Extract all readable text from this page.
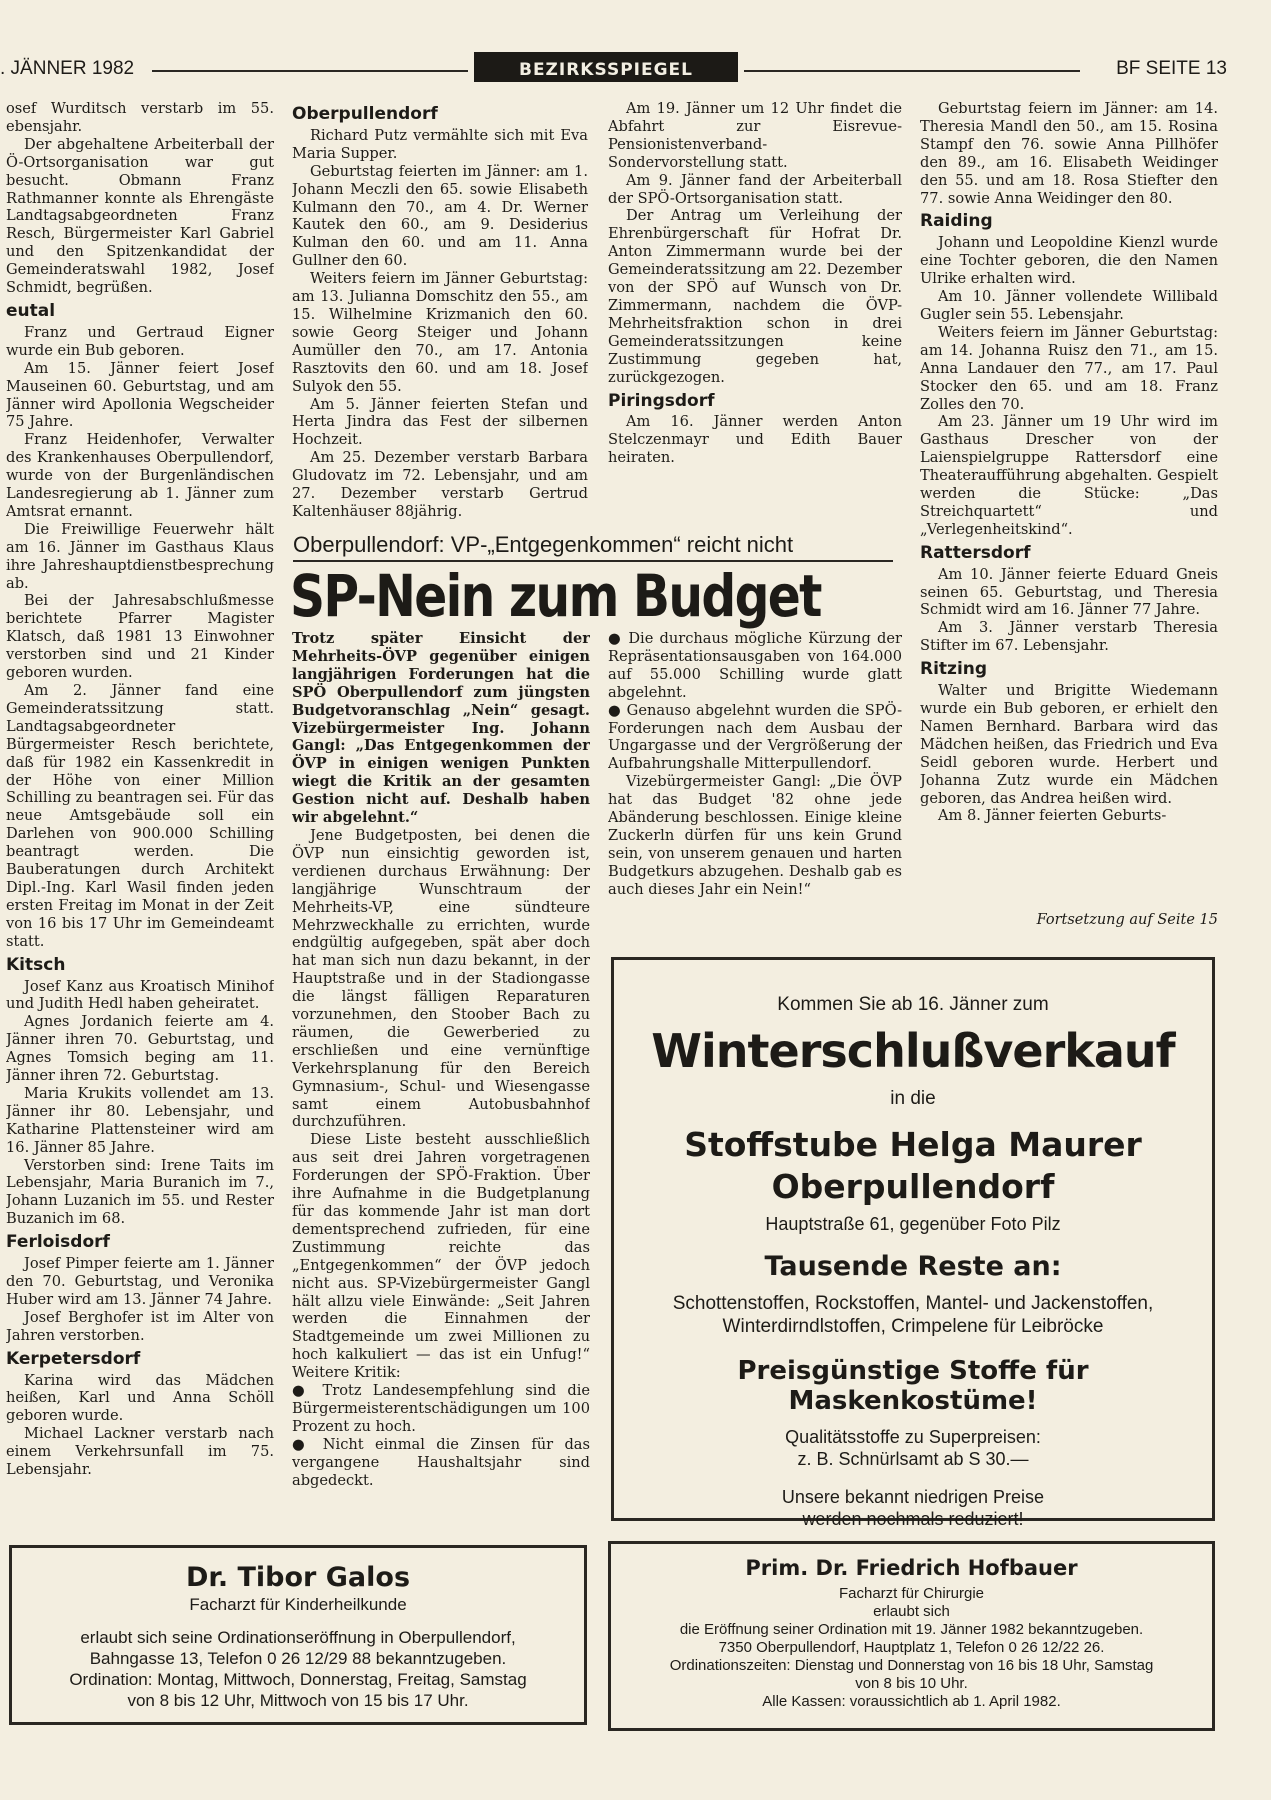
. JÄNNER 1982	BEZIRKSSPIEGEL	BF SEITE 13

osef Wurditsch verstarb im 55. ebensjahr.

Der abgehaltene Arbeiterball der Ö-Ortsorganisation war gut besucht. Obmann Franz Rathmanner konnte als Ehrengäste Landtagsabgeordneten Franz Resch, Bürgermeister Karl Gabriel und den Spitzenkandidat der Gemeinderatswahl 1982, Josef Schmidt, begrüßen.

eutal

Franz und Gertraud Eigner wurde ein Bub geboren.

Am 15. Jänner feiert Josef Mauseinen 60. Geburtstag, und am Jänner wird Apollonia Wegscheider 75 Jahre.

Franz Heidenhofer, Verwalter des Krankenhauses Oberpullendorf, wurde von der Burgenländischen Landesregierung ab 1. Jänner zum Amtsrat ernannt.

Die Freiwillige Feuerwehr hält am 16. Jänner im Gasthaus Klaus ihre Jahreshauptdienstbesprechung ab.

Bei der Jahresabschlußmesse berichtete Pfarrer Magister Klatsch, daß 1981 13 Einwohner verstorben sind und 21 Kinder geboren wurden.

Am 2. Jänner fand eine Gemeinderatssitzung statt. Landtagsabgeordneter Bürgermeister Resch berichtete, daß für 1982 ein Kassenkredit in der Höhe von einer Million Schilling zu beantragen sei. Für das neue Amtsgebäude soll ein Darlehen von 900.000 Schilling beantragt werden. Die Bauberatungen durch Architekt Dipl.-Ing. Karl Wasil finden jeden ersten Freitag im Monat in der Zeit von 16 bis 17 Uhr im Gemeindeamt statt.

Kitsch

Josef Kanz aus Kroatisch Minihof und Judith Hedl haben geheiratet.

Agnes Jordanich feierte am 4. Jänner ihren 70. Geburtstag, und Agnes Tomsich beging am 11. Jänner ihren 72. Geburtstag.

Maria Krukits vollendet am 13. Jänner ihr 80. Lebensjahr, und Katharine Plattensteiner wird am 16. Jänner 85 Jahre.

Verstorben sind: Irene Taits im Lebensjahr, Maria Buranich im 7., Johann Luzanich im 55. und Rester Buzanich im 68.

Ferloisdorf

Josef Pimper feierte am 1. Jänner den 70. Geburtstag, und Veronika Huber wird am 13. Jänner 74 Jahre.

Josef Berghofer ist im Alter von Jahren verstorben.

Kerpetersdorf

Karina wird das Mädchen heißen, Karl und Anna Schöll geboren wurde.

Michael Lackner verstarb nach einem Verkehrsunfall im 75. Lebensjahr.

Oberpullendorf

Richard Putz vermählte sich mit Eva Maria Supper.

Geburtstag feierten im Jänner: am 1. Johann Meczli den 65. sowie Elisabeth Kulmann den 70., am 4. Dr. Werner Kautek den 60., am 9. Desiderius Kulman den 60. und am 11. Anna Gullner den 60.

Weiters feiern im Jänner Geburtstag: am 13. Julianna Domschitz den 55., am 15. Wilhelmine Krizmanich den 60. sowie Georg Steiger und Johann Aumüller den 70., am 17. Antonia Rasztovits den 60. und am 18. Josef Sulyok den 55.

Am 5. Jänner feierten Stefan und Herta Jindra das Fest der silbernen Hochzeit.

Am 25. Dezember verstarb Barbara Gludovatz im 72. Lebensjahr, und am 27. Dezember verstarb Gertrud Kaltenhäuser 88jährig.

Am 19. Jänner um 12 Uhr findet die Abfahrt zur Eisrevue-Pensionistenverband-Sondervorstellung statt.

Am 9. Jänner fand der Arbeiterball der SPÖ-Ortsorganisation statt.

Der Antrag um Verleihung der Ehrenbürgerschaft für Hofrat Dr. Anton Zimmermann wurde bei der Gemeinderatssitzung am 22. Dezember von der SPÖ auf Wunsch von Dr. Zimmermann, nachdem die ÖVP-Mehrheitsfraktion schon in drei Gemeinderatssitzungen keine Zustimmung gegeben hat, zurückgezogen.

Piringsdorf

Am 16. Jänner werden Anton Stelczenmayr und Edith Bauer heiraten.

Geburtstag feiern im Jänner: am 14. Theresia Mandl den 50., am 15. Rosina Stampf den 76. sowie Anna Pillhöfer den 89., am 16. Elisabeth Weidinger den 55. und am 18. Rosa Stiefter den 77. sowie Anna Weidinger den 80.

Raiding

Johann und Leopoldine Kienzl wurde eine Tochter geboren, die den Namen Ulrike erhalten wird.

Am 10. Jänner vollendete Willibald Gugler sein 55. Lebensjahr.

Weiters feiern im Jänner Geburtstag: am 14. Johanna Ruisz den 71., am 15. Anna Landauer den 77., am 17. Paul Stocker den 65. und am 18. Franz Zolles den 70.

Am 23. Jänner um 19 Uhr wird im Gasthaus Drescher von der Laienspielgruppe Rattersdorf eine Theateraufführung abgehalten. Gespielt werden die Stücke: „Das Streichquartett“ und „Verlegenheitskind“.

Rattersdorf

Am 10. Jänner feierte Eduard Gneis seinen 65. Geburtstag, und Theresia Schmidt wird am 16. Jänner 77 Jahre.

Am 3. Jänner verstarb Theresia Stifter im 67. Lebensjahr.

Ritzing

Walter und Brigitte Wiedemann wurde ein Bub geboren, er erhielt den Namen Bernhard. Barbara wird das Mädchen heißen, das Friedrich und Eva Seidl geboren wurde. Herbert und Johanna Zutz wurde ein Mädchen geboren, das Andrea heißen wird.

Am 8. Jänner feierten Geburts-

Fortsetzung auf Seite 15
Oberpullendorf: VP-„Entgegenkommen“ reicht nicht
SP-Nein zum Budget

Trotz später Einsicht der Mehrheits-ÖVP gegenüber einigen langjährigen Forderungen hat die SPÖ Oberpullendorf zum jüngsten Budgetvoranschlag „Nein“ gesagt. Vizebürgermeister Ing. Johann Gangl: „Das Entgegenkommen der ÖVP in einigen wenigen Punkten wiegt die Kritik an der gesamten Gestion nicht auf. Deshalb haben wir abgelehnt.“

Jene Budgetposten, bei denen die ÖVP nun einsichtig geworden ist, verdienen durchaus Erwähnung: Der langjährige Wunschtraum der Mehrheits-VP, eine sündteure Mehrzweckhalle zu errichten, wurde endgültig aufgegeben, spät aber doch hat man sich nun dazu bekannt, in der Hauptstraße und in der Stadiongasse die längst fälligen Reparaturen vorzunehmen, den Stoober Bach zu räumen, die Gewerberied zu erschließen und eine vernünftige Verkehrsplanung für den Bereich Gymnasium-, Schul- und Wiesengasse samt einem Autobusbahnhof durchzuführen.

Diese Liste besteht ausschließlich aus seit drei Jahren vorgetragenen Forderungen der SPÖ-Fraktion. Über ihre Aufnahme in die Budgetplanung für das kommende Jahr ist man dort dementsprechend zufrieden, für eine Zustimmung reichte das „Entgegenkommen“ der ÖVP jedoch nicht aus. SP-Vizebürgermeister Gangl hält allzu viele Einwände: „Seit Jahren werden die Einnahmen der Stadtgemeinde um zwei Millionen zu hoch kalkuliert — das ist ein Unfug!“ Weitere Kritik:

● Trotz Landesempfehlung sind die Bürgermeisterentschädigungen um 100 Prozent zu hoch.

● Nicht einmal die Zinsen für das vergangene Haushaltsjahr sind abgedeckt.

● Die durchaus mögliche Kürzung der Repräsentationsausgaben von 164.000 auf 55.000 Schilling wurde glatt abgelehnt.

● Genauso abgelehnt wurden die SPÖ-Forderungen nach dem Ausbau der Ungargasse und der Vergrößerung der Aufbahrungshalle Mitterpullendorf.

Vizebürgermeister Gangl: „Die ÖVP hat das Budget '82 ohne jede Abänderung beschlossen. Einige kleine Zuckerln dürfen für uns kein Grund sein, von unserem genauen und harten Budgetkurs abzugehen. Deshalb gab es auch dieses Jahr ein Nein!“

Kommen Sie ab 16. Jänner zum
Winterschlußverkauf
in die
Stoffstube Helga Maurer
Oberpullendorf
Hauptstraße 61, gegenüber Foto Pilz
Tausende Reste an:
Schottenstoffen, Rockstoffen, Mantel- und Jackenstoffen,
Winterdirndlstoffen, Crimpelene für Leibröcke
Preisgünstige Stoffe für Maskenkostüme!
Qualitätsstoffe zu Superpreisen:
z. B. Schnürlsamt ab S 30.—
Unsere bekannt niedrigen Preise
werden nochmals reduziert!
Dr. Tibor Galos
Facharzt für Kinderheilkunde
erlaubt sich seine Ordinationseröffnung in Oberpullendorf,
Bahngasse 13, Telefon 0 26 12/29 88 bekanntzugeben.
Ordination: Montag, Mittwoch, Donnerstag, Freitag, Samstag
von 8 bis 12 Uhr, Mittwoch von 15 bis 17 Uhr.
Prim. Dr. Friedrich Hofbauer
Facharzt für Chirurgie
erlaubt sich
die Eröffnung seiner Ordination mit 19. Jänner 1982 bekanntzugeben.
7350 Oberpullendorf, Hauptplatz 1, Telefon 0 26 12/22 26.
Ordinationszeiten: Dienstag und Donnerstag von 16 bis 18 Uhr, Samstag
von 8 bis 10 Uhr.
Alle Kassen: voraussichtlich ab 1. April 1982.
